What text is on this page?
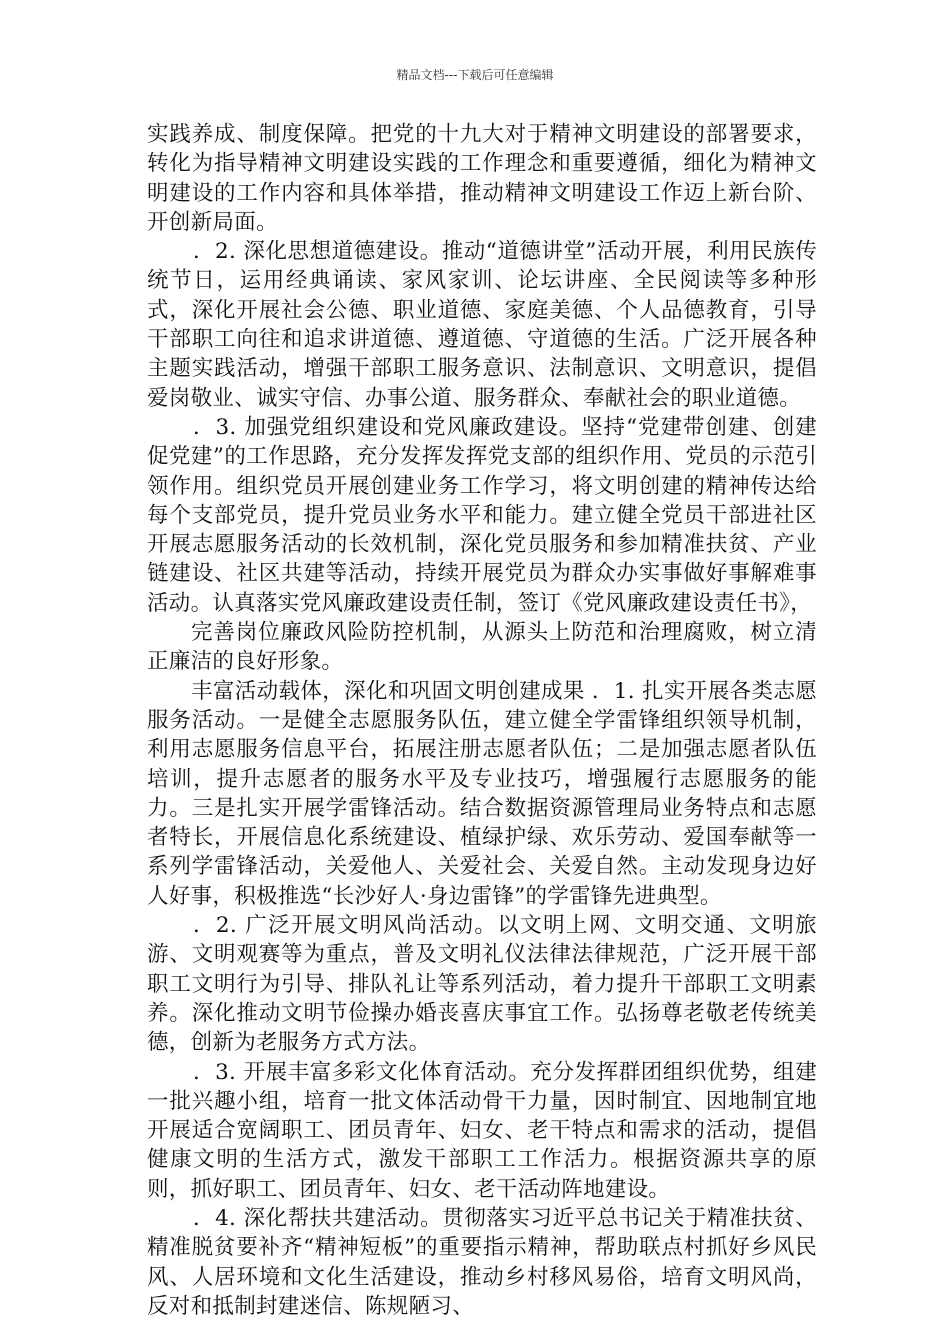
精品文档---下载后可任意编辑

实践养成、制度保障。把党的十九大对于精神文明建设的部署要求，转化为指导精神文明建设实践的工作理念和重要遵循，细化为精神文明建设的工作内容和具体举措，推动精神文明建设工作迈上新台阶、开创新局面。

．2. 深化思想道德建设。推动“道德讲堂”活动开展，利用民族传统节日，运用经典诵读、家风家训、论坛讲座、全民阅读等多种形式，深化开展社会公德、职业道德、家庭美德、个人品德教育，引导干部职工向往和追求讲道德、遵道德、守道德的生活。广泛开展各种主题实践活动，增强干部职工服务意识、法制意识、文明意识，提倡爱岗敬业、诚实守信、办事公道、服务群众、奉献社会的职业道德。

．3. 加强党组织建设和党风廉政建设。坚持“党建带创建、创建促党建”的工作思路，充分发挥发挥党支部的组织作用、党员的示范引领作用。组织党员开展创建业务工作学习，将文明创建的精神传达给每个支部党员，提升党员业务水平和能力。建立健全党员干部进社区开展志愿服务活动的长效机制，深化党员服务和参加精准扶贫、产业链建设、社区共建等活动，持续开展党员为群众办实事做好事解难事活动。认真落实党风廉政建设责任制，签订《党风廉政建设责任书》，

完善岗位廉政风险防控机制，从源头上防范和治理腐败，树立清正廉洁的良好形象。

丰富活动载体，深化和巩固文明创建成果 ．1. 扎实开展各类志愿服务活动。一是健全志愿服务队伍，建立健全学雷锋组织领导机制，利用志愿服务信息平台，拓展注册志愿者队伍；二是加强志愿者队伍培训，提升志愿者的服务水平及专业技巧，增强履行志愿服务的能力。三是扎实开展学雷锋活动。结合数据资源管理局业务特点和志愿者特长，开展信息化系统建设、植绿护绿、欢乐劳动、爱国奉献等一系列学雷锋活动，关爱他人、关爱社会、关爱自然。主动发现身边好人好事，积极推选“长沙好人·身边雷锋”的学雷锋先进典型。

．2. 广泛开展文明风尚活动。以文明上网、文明交通、文明旅游、文明观赛等为重点，普及文明礼仪法律法律规范，广泛开展干部职工文明行为引导、排队礼让等系列活动，着力提升干部职工文明素养。深化推动文明节俭操办婚丧喜庆事宜工作。弘扬尊老敬老传统美德，创新为老服务方式方法。

．3. 开展丰富多彩文化体育活动。充分发挥群团组织优势，组建一批兴趣小组，培育一批文体活动骨干力量，因时制宜、因地制宜地开展适合宽阔职工、团员青年、妇女、老干特点和需求的活动，提倡健康文明的生活方式，激发干部职工工作活力。根据资源共享的原则，抓好职工、团员青年、妇女、老干活动阵地建设。

．4. 深化帮扶共建活动。贯彻落实习近平总书记关于精准扶贫、精准脱贫要补齐“精神短板”的重要指示精神，帮助联点村抓好乡风民风、人居环境和文化生活建设，推动乡村移风易俗，培育文明风尚，反对和抵制封建迷信、陈规陋习、
